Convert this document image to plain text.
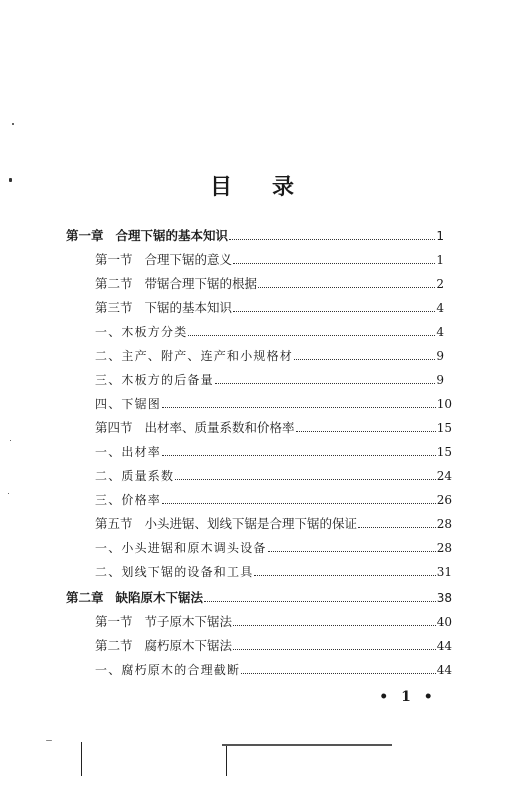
目 录
第一章 合理下锯的基本知识	1
第一节 合理下锯的意义	1
第二节 带锯合理下锯的根据	2
第三节 下锯的基本知识	4
一、 木板方分类	4
二、 主产、附产、连产和小规格材	9
三、 木板方的后备量	9
四、 下锯图	10
第四节 出材率、质量系数和价格率	15
一、 出材率	15
二、 质量系数	24
三、 价格率	26
第五节 小头进锯、划线下锯是合理下锯的保证	28
一、 小头进锯和原木调头设备	28
二、 划线下锯的设备和工具	31
第二章 缺陷原木下锯法	38
第一节 节子原木下锯法	40
第二节 腐朽原木下锯法	44
一、 腐朽原木的合理截断	44
• 1 •
